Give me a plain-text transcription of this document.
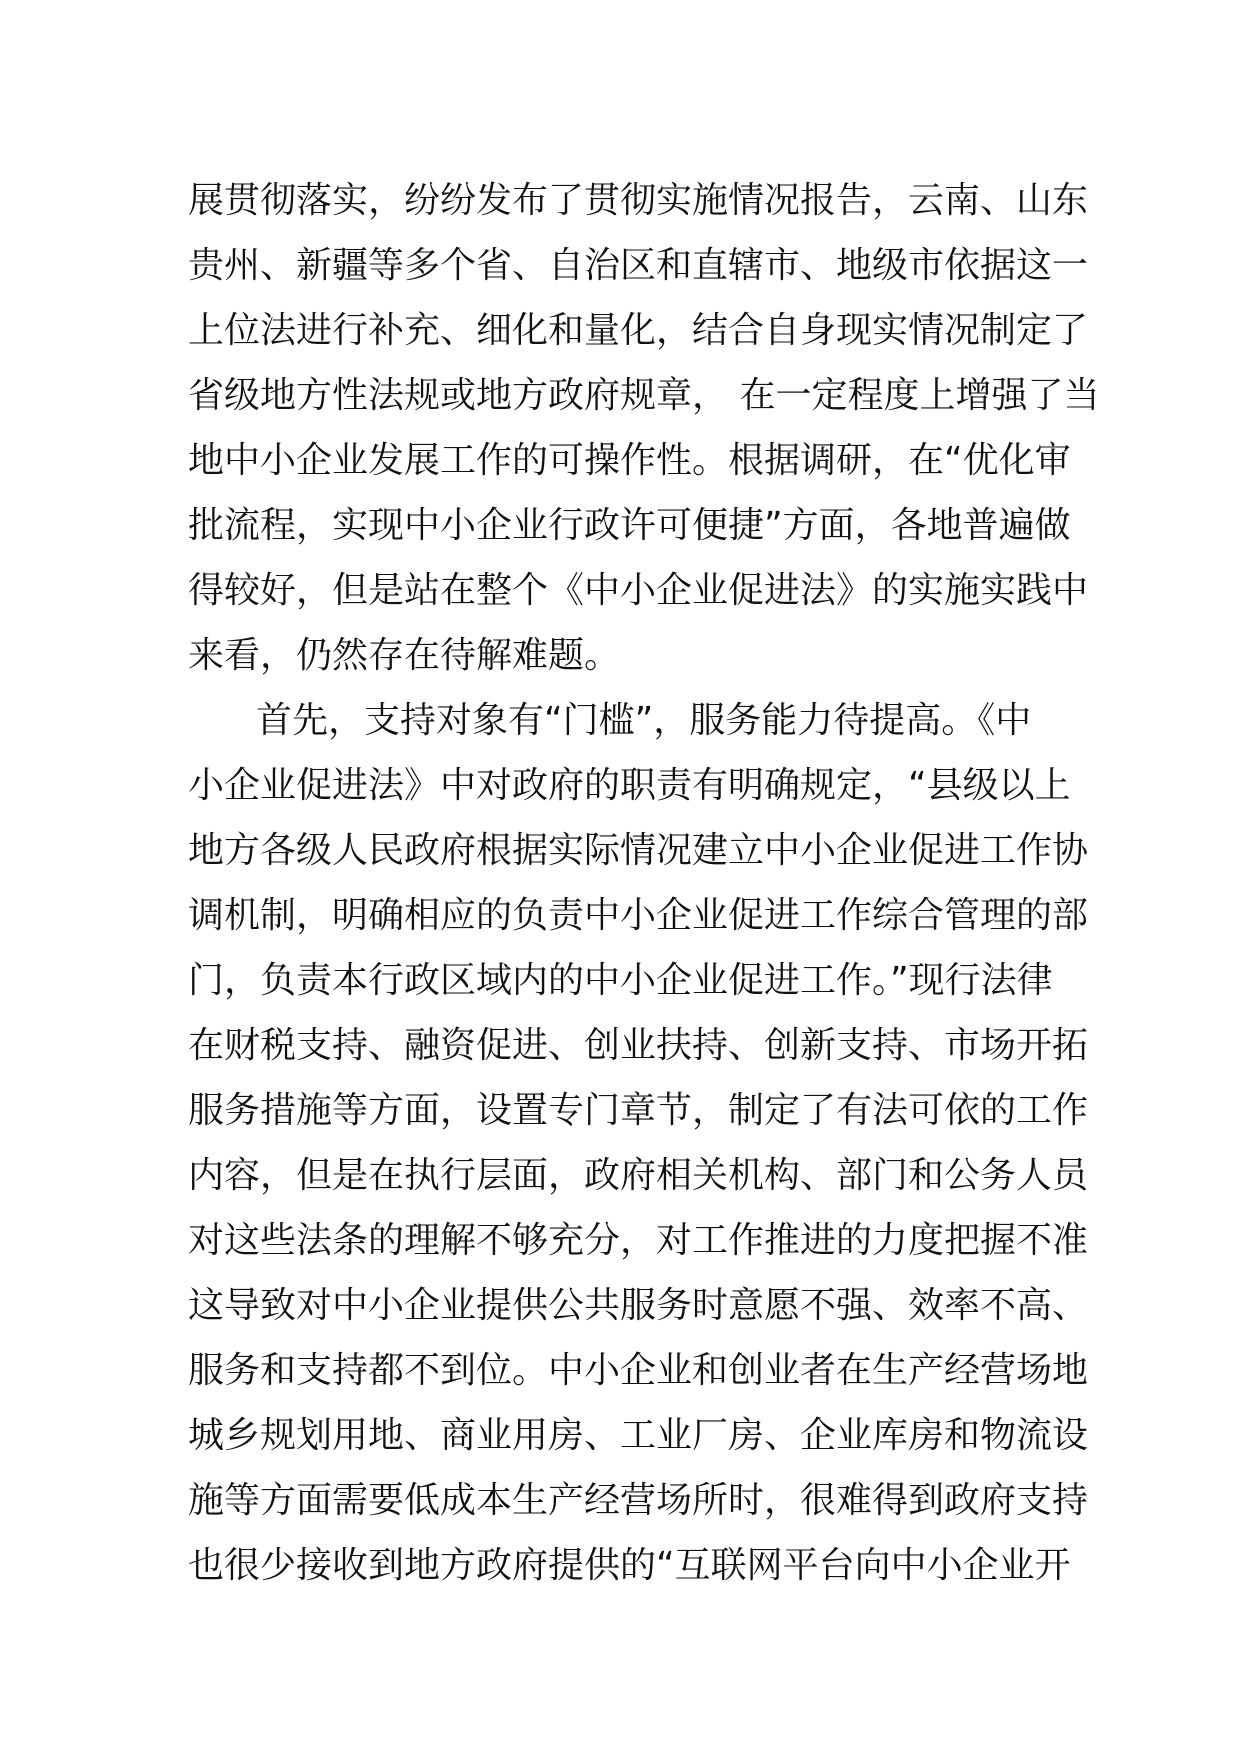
展贯彻落实，纷纷发布了贯彻实施情况报告，云南、山东
贵州、新疆等多个省、自治区和直辖市、地级市依据这一
上位法进行补充、细化和量化，结合自身现实情况制定了
省级地方性法规或地方政府规章， 在一定程度上增强了当
地中小企业发展工作的可操作性。根据调研，在“优化审
批流程，实现中小企业行政许可便捷”方面，各地普遍做
得较好，但是站在整个《中小企业促进法》的实施实践中
来看，仍然存在待解难题。
首先，支持对象有“门槛”，服务能力待提高。《中
小企业促进法》中对政府的职责有明确规定，“县级以上
地方各级人民政府根据实际情况建立中小企业促进工作协
调机制，明确相应的负责中小企业促进工作综合管理的部
门，负责本行政区域内的中小企业促进工作。”现行法律
在财税支持、融资促进、创业扶持、创新支持、市场开拓
服务措施等方面，设置专门章节，制定了有法可依的工作
内容，但是在执行层面，政府相关机构、部门和公务人员
对这些法条的理解不够充分，对工作推进的力度把握不准
这导致对中小企业提供公共服务时意愿不强、效率不高、
服务和支持都不到位。中小企业和创业者在生产经营场地
城乡规划用地、商业用房、工业厂房、企业库房和物流设
施等方面需要低成本生产经营场所时，很难得到政府支持
也很少接收到地方政府提供的“互联网平台向中小企业开
